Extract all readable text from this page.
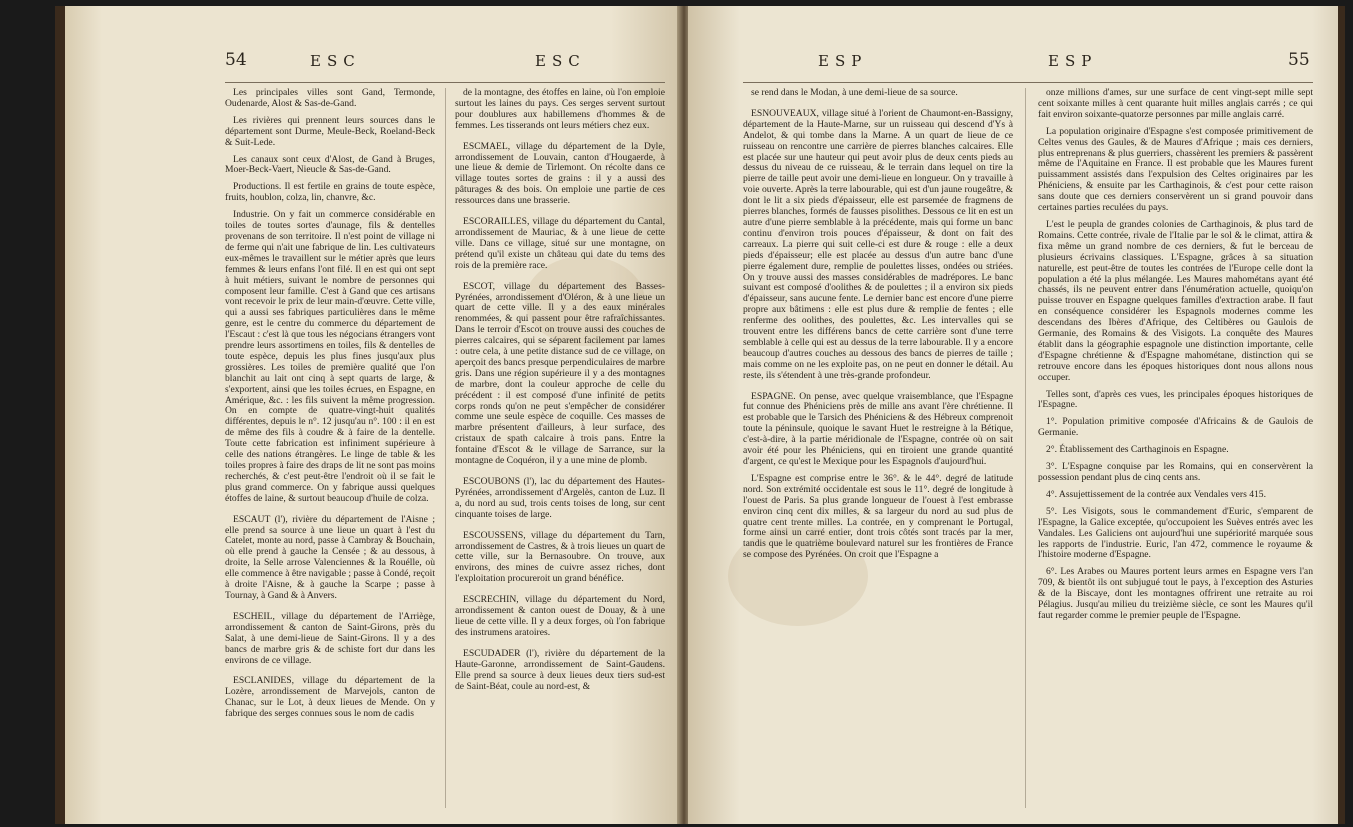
54	ESC	ESC

Les principales villes sont Gand, Termonde, Oudenarde, Alost & Sas-de-Gand.

Les rivières qui prennent leurs sources dans le département sont Durme, Meule-Beck, Roeland-Beck & Suit-Lede.

Les canaux sont ceux d'Alost, de Gand à Bruges, Moer-Beck-Vaert, Nieucle & Sas-de-Gand.

Productions. Il est fertile en grains de toute espèce, fruits, houblon, colza, lin, chanvre, &c.

Industrie. On y fait un commerce considérable en toiles de toutes sortes d'aunage, fils & dentelles provenans de son territoire. Il n'est point de village ni de ferme qui n'ait une fabrique de lin. Les cultivateurs eux-mêmes le travaillent sur le métier après que leurs femmes & leurs enfans l'ont filé. Il en est qui ont sept à huit métiers, suivant le nombre de personnes qui composent leur famille. C'est à Gand que ces artisans vont recevoir le prix de leur main-d'œuvre. Cette ville, qui a aussi ses fabriques particulières dans le même genre, est le centre du commerce du département de l'Escaut : c'est là que tous les négocians étrangers vont prendre leurs assortimens en toiles, fils & dentelles de toute espèce, depuis les plus fines jusqu'aux plus grossières. Les toiles de première qualité que l'on blanchit au lait ont cinq à sept quarts de large, & s'exportent, ainsi que les toiles écrues, en Espagne, en Amérique, &c. : les fils suivent la même progression. On en compte de quatre-vingt-huit qualités différentes, depuis le n°. 12 jusqu'au n°. 100 : il en est de même des fils à coudre & à faire de la dentelle. Toute cette fabrication est infiniment supérieure à celle des nations étrangères. Le linge de table & les toiles propres à faire des draps de lit ne sont pas moins recherchés, & c'est peut-être l'endroit où il se fait le plus grand commerce. On y fabrique aussi quelques étoffes de laine, & surtout beaucoup d'huile de colza.

ESCAUT (l'), rivière du département de l'Aisne ; elle prend sa source à une lieue un quart à l'est du Catelet, monte au nord, passe à Cambray & Bouchain, où elle prend à gauche la Censée ; & au dessous, à droite, la Selle arrose Valenciennes & la Rouélle, où elle commence à être navigable ; passe à Condé, reçoit à droite l'Aisne, & à gauche la Scarpe ; passe à Tournay, à Gand & à Anvers.

ESCHEIL, village du département de l'Arriège, arrondissement & canton de Saint-Girons, près du Salat, à une demi-lieue de Saint-Girons. Il y a des bancs de marbre gris & de schiste fort dur dans les environs de ce village.

ESCLANIDES, village du département de la Lozère, arrondissement de Marvejols, canton de Chanac, sur le Lot, à deux lieues de Mende. On y fabrique des serges connues sous le nom de cadis

de la montagne, des étoffes en laine, où l'on emploie surtout les laines du pays. Ces serges servent surtout pour doublures aux habillemens d'hommes & de femmes. Les tisserands ont leurs métiers chez eux.

ESCMAEL, village du département de la Dyle, arrondissement de Louvain, canton d'Hougaerde, à une lieue & demie de Tirlemont. On récolte dans ce village toutes sortes de grains : il y a aussi des pâturages & des bois. On emploie une partie de ces ressources dans une brasserie.

ESCORAILLES, village du département du Cantal, arrondissement de Mauriac, & à une lieue de cette ville. Dans ce village, situé sur une montagne, on prétend qu'il existe un château qui date du tems des rois de la première race.

ESCOT, village du département des Basses-Pyrénées, arrondissement d'Oléron, & à une lieue un quart de cette ville. Il y a des eaux minérales renommées, & qui passent pour être rafraîchissantes. Dans le terroir d'Escot on trouve aussi des couches de pierres calcaires, qui se séparent facilement par lames : outre cela, à une petite distance sud de ce village, on aperçoit des bancs presque perpendiculaires de marbre gris. Dans une région supérieure il y a des montagnes de marbre, dont la couleur approche de celle du précédent : il est composé d'une infinité de petits corps ronds qu'on ne peut s'empêcher de considérer comme une seule espèce de coquille. Ces masses de marbre présentent d'ailleurs, à leur surface, des cristaux de spath calcaire à trois pans. Entre la fontaine d'Escot & le village de Sarrance, sur la montagne de Coquéron, il y a une mine de plomb.

ESCOUBONS (l'), lac du département des Hautes-Pyrénées, arrondissement d'Argelès, canton de Luz. Il a, du nord au sud, trois cents toises de long, sur cent cinquante toises de large.

ESCOUSSENS, village du département du Tarn, arrondissement de Castres, & à trois lieues un quart de cette ville, sur la Bernasoubre. On trouve, aux environs, des mines de cuivre assez riches, dont l'exploitation procureroit un grand bénéfice.

ESCRECHIN, village du département du Nord, arrondissement & canton ouest de Douay, & à une lieue de cette ville. Il y a deux forges, où l'on fabrique des instrumens aratoires.

ESCUDADER (l'), rivière du département de la Haute-Garonne, arrondissement de Saint-Gaudens. Elle prend sa source à deux lieues deux tiers sud-est de Saint-Béat, coule au nord-est, &

ESP	ESP	55

se rend dans le Modan, à une demi-lieue de sa source.

ESNOUVEAUX, village situé à l'orient de Chaumont-en-Bassigny, département de la Haute-Marne, sur un ruisseau qui descend d'Ys à Andelot, & qui tombe dans la Marne. A un quart de lieue de ce ruisseau on rencontre une carrière de pierres blanches calcaires. Elle est placée sur une hauteur qui peut avoir plus de deux cents pieds au dessus du niveau de ce ruisseau, & le terrain dans lequel on tire la pierre de taille peut avoir une demi-lieue en longueur. On y travaille à voie ouverte. Après la terre labourable, qui est d'un jaune rougeâtre, & dont le lit a six pieds d'épaisseur, elle est parsemée de fragmens de pierres blanches, formés de fausses pisolithes. Dessous ce lit en est un autre d'une pierre semblable à la précédente, mais qui forme un banc continu d'environ trois pouces d'épaisseur, & dont on fait des carreaux. La pierre qui suit celle-ci est dure & rouge : elle a deux pieds d'épaisseur; elle est placée au dessus d'un autre banc d'une pierre également dure, remplie de poulettes lisses, ondées ou striées. On y trouve aussi des masses considérables de madrépores. Le banc suivant est composé d'oolithes & de poulettes ; il a environ six pieds d'épaisseur, sans aucune fente. Le dernier banc est encore d'une pierre propre aux bâtimens : elle est plus dure & remplie de fentes ; elle renferme des oolithes, des poulettes, &c. Les intervalles qui se trouvent entre les différens bancs de cette carrière sont d'une terre semblable à celle qui est au dessus de la terre labourable. Il y a encore beaucoup d'autres couches au dessous des bancs de pierres de taille ; mais comme on ne les exploite pas, on ne peut en donner le détail. Au reste, ils s'étendent à une très-grande profondeur.

ESPAGNE. On pense, avec quelque vraisemblance, que l'Espagne fut connue des Phéniciens près de mille ans avant l'ère chrétienne. Il est probable que le Tarsich des Phéniciens & des Hébreux comprenoit toute la péninsule, quoique le savant Huet le restreigne à la Bétique, c'est-à-dire, à la partie méridionale de l'Espagne, contrée où on sait avoir été pour les Phéniciens, qui en tiroient une grande quantité d'argent, ce qu'est le Mexique pour les Espagnols d'aujourd'hui.

L'Espagne est comprise entre le 36°. & le 44°. degré de latitude nord. Son extrémité occidentale est sous le 11°. degré de longitude à l'ouest de Paris. Sa plus grande longueur de l'ouest à l'est embrasse environ cinq cent dix milles, & sa largeur du nord au sud plus de quatre cent trente milles. La contrée, en y comprenant le Portugal, forme ainsi un carré entier, dont trois côtés sont tracés par la mer, tandis que le quatrième boulevard naturel sur les frontières de France se compose des Pyrénées. On croit que l'Espagne a

onze millions d'ames, sur une surface de cent vingt-sept mille sept cent soixante milles à cent quarante huit milles anglais carrés ; ce qui fait environ soixante-quatorze personnes par mille anglais carré.

La population originaire d'Espagne s'est composée primitivement de Celtes venus des Gaules, & de Maures d'Afrique ; mais ces derniers, plus entreprenans & plus guerriers, chassèrent les premiers & passèrent même de l'Aquitaine en France. Il est probable que les Maures furent puissamment assistés dans l'expulsion des Celtes originaires par les Phéniciens, & ensuite par les Carthaginois, & c'est pour cette raison sans doute que ces derniers conservèrent un si grand pouvoir dans certaines parties reculées du pays.

L'est le peupla de grandes colonies de Carthaginois, & plus tard de Romains. Cette contrée, rivale de l'Italie par le sol & le climat, attira & fixa même un grand nombre de ces derniers, & fut le berceau de plusieurs écrivains classiques. L'Espagne, grâces à sa situation naturelle, est peut-être de toutes les contrées de l'Europe celle dont la population a été la plus mélangée. Les Maures mahométans ayant été chassés, ils ne peuvent entrer dans l'énumération actuelle, quoiqu'on puisse trouver en Espagne quelques familles d'extraction arabe. Il faut en conséquence considérer les Espagnols modernes comme les descendans des Ibères d'Afrique, des Celtibères ou Gaulois de Germanie, des Romains & des Visigots. La conquête des Maures établit dans la géographie espagnole une distinction importante, celle d'Espagne chrétienne & d'Espagne mahométane, distinction qui se retrouve encore dans les époques historiques dont nous allons nous occuper.

Telles sont, d'après ces vues, les principales époques historiques de l'Espagne.

1°. Population primitive composée d'Africains & de Gaulois de Germanie.

2°. Établissement des Carthaginois en Espagne.

3°. L'Espagne conquise par les Romains, qui en conservèrent la possession pendant plus de cinq cents ans.

4°. Assujettissement de la contrée aux Vendales vers 415.

5°. Les Visigots, sous le commandement d'Euric, s'emparent de l'Espagne, la Galice exceptée, qu'occupoient les Suèves entrés avec les Vandales. Les Galiciens ont aujourd'hui une supériorité marquée sous les rapports de l'industrie. Euric, l'an 472, commence le royaume & l'histoire moderne d'Espagne.

6°. Les Arabes ou Maures portent leurs armes en Espagne vers l'an 709, & bientôt ils ont subjugué tout le pays, à l'exception des Asturies & de la Biscaye, dont les montagnes offrirent une retraite au roi Pélagius. Jusqu'au milieu du treizième siècle, ce sont les Maures qu'il faut regarder comme le premier peuple de l'Espagne.
